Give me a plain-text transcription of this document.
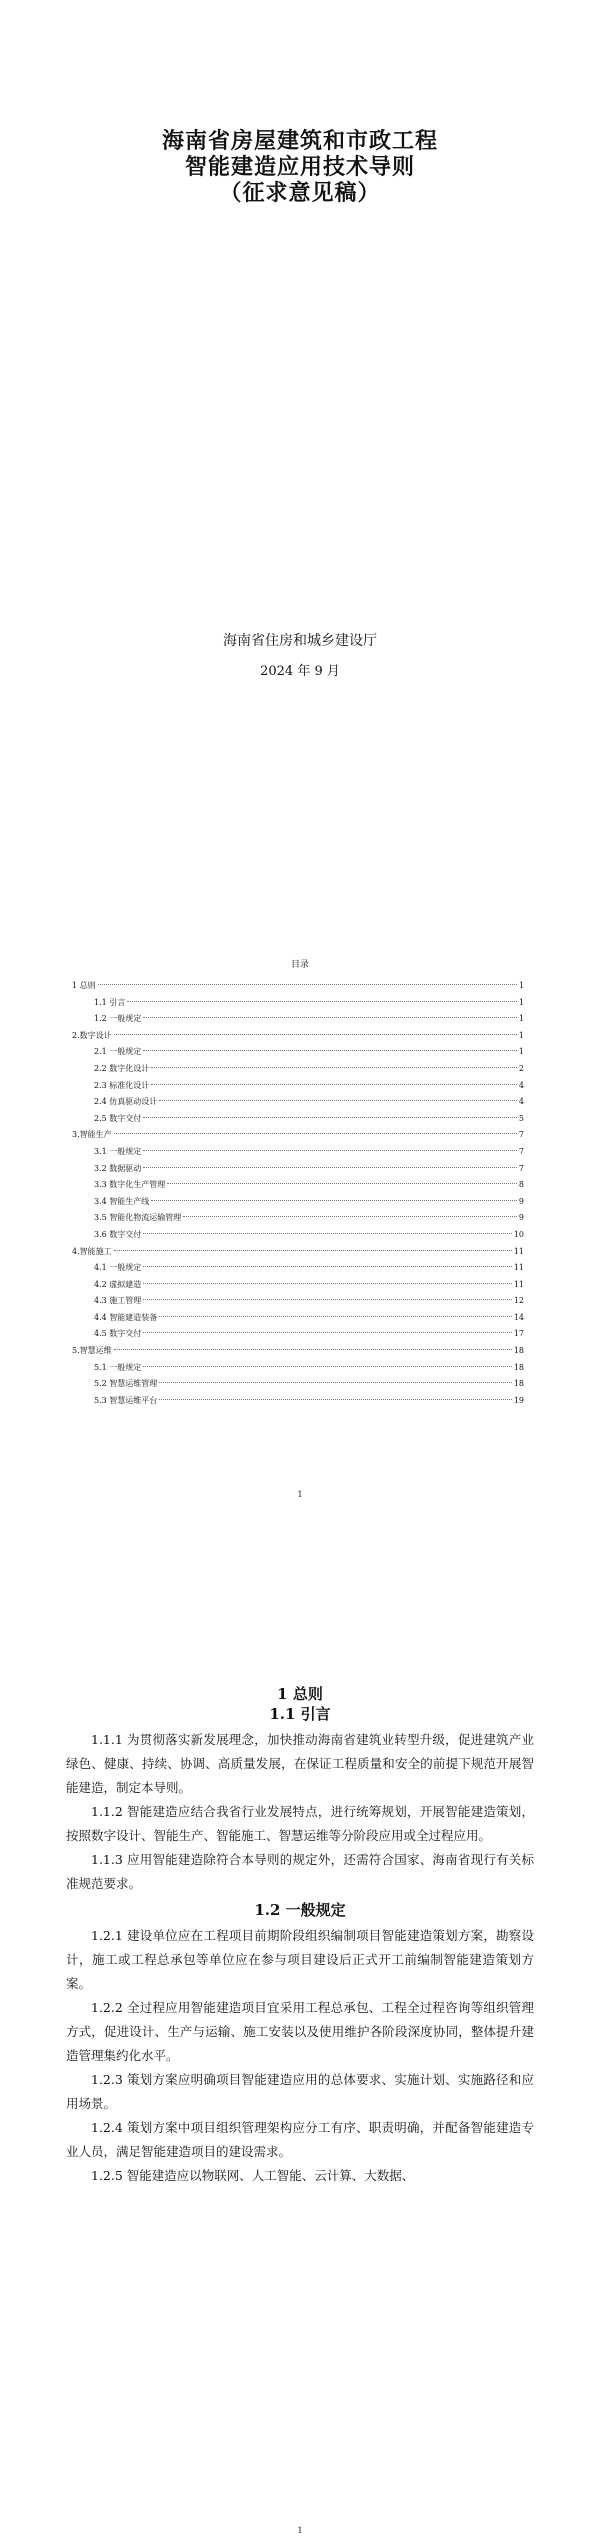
海南省房屋建筑和市政工程
智能建造应用技术导则
（征求意见稿）
海南省住房和城乡建设厅
2024 年 9 月
目录
1 总则	1
1.1 引言	1
1.2 一般规定	1
2.数字设计	1
2.1 一般规定	1
2.2 数字化设计	2
2.3 标准化设计	4
2.4 仿真驱动设计	4
2.5 数字交付	5
3.智能生产	7
3.1 一般规定	7
3.2 数据驱动	7
3.3 数字化生产管理	8
3.4 智能生产线	9
3.5 智能化物流运输管理	9
3.6 数字交付	10
4.智能施工	11
4.1 一般规定	11
4.2 虚拟建造	11
4.3 施工管理	12
4.4 智能建造装备	14
4.5 数字交付	17
5.智慧运维	18
5.1 一般规定	18
5.2 智慧运维管理	18
5.3 智慧运维平台	19
1
1 总则
1.1 引言

1.1.1 为贯彻落实新发展理念，加快推动海南省建筑业转型升级，促进建筑产业绿色、健康、持续、协调、高质量发展，在保证工程质量和安全的前提下规范开展智能建造，制定本导则。

1.1.2 智能建造应结合我省行业发展特点，进行统筹规划，开展智能建造策划，按照数字设计、智能生产、智能施工、智慧运维等分阶段应用或全过程应用。

1.1.3 应用智能建造除符合本导则的规定外，还需符合国家、海南省现行有关标准规范要求。

1.2 一般规定

1.2.1 建设单位应在工程项目前期阶段组织编制项目智能建造策划方案，勘察设计，施工或工程总承包等单位应在参与项目建设后正式开工前编制智能建造策划方案。

1.2.2 全过程应用智能建造项目宜采用工程总承包、工程全过程咨询等组织管理方式，促进设计、生产与运输、施工安装以及使用维护各阶段深度协同，整体提升建造管理集约化水平。

1.2.3 策划方案应明确项目智能建造应用的总体要求、实施计划、实施路径和应用场景。

1.2.4 策划方案中项目组织管理架构应分工有序、职责明确，并配备智能建造专业人员，满足智能建造项目的建设需求。

1.2.5 智能建造应以物联网、人工智能、云计算、大数据、

1
